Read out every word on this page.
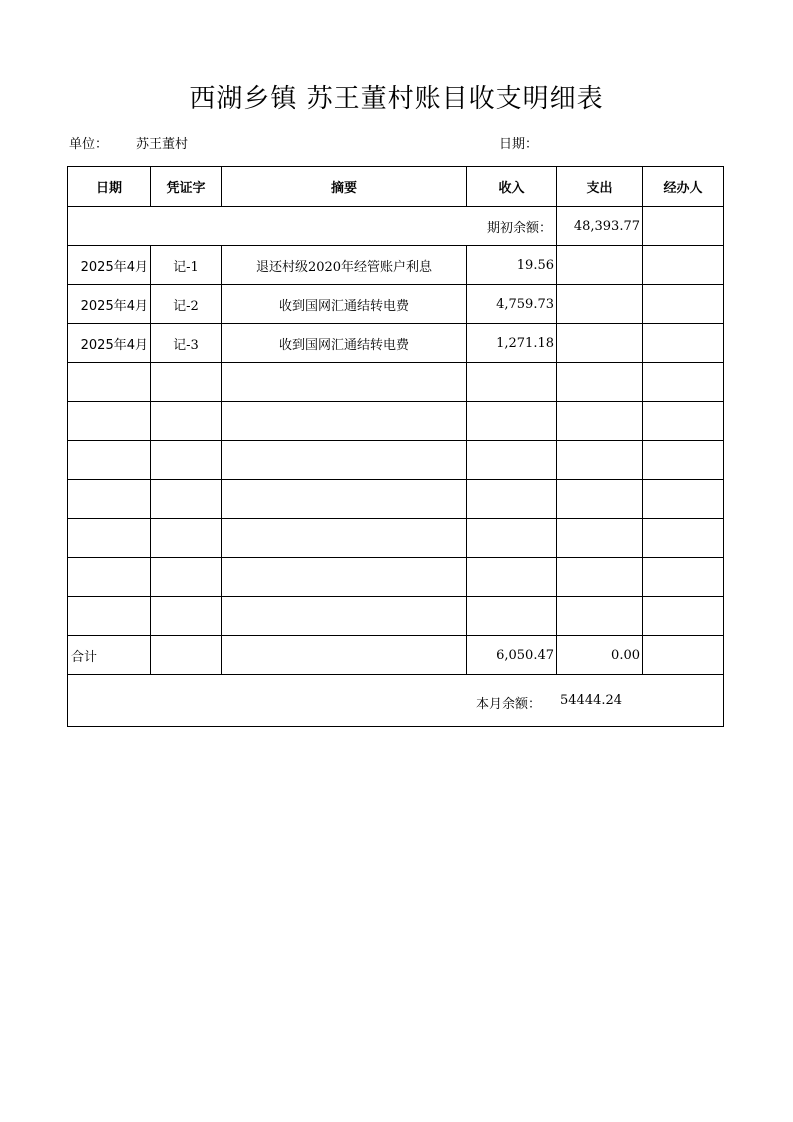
西湖乡镇 苏王董村账目收支明细表
单位： 苏王董村	日期：
日期	凭证字	摘要	收入	支出	经办人
期初余额：				48,393.77	
2025年4月	记-1	退还村级2020年经管账户利息	19.56		
2025年4月	记-2	收到国网汇通结转电费	4,759.73		
2025年4月	记-3	收到国网汇通结转电费	1,271.18		

合计			6,050.47	0.00	

本月余额： 54444.24					
